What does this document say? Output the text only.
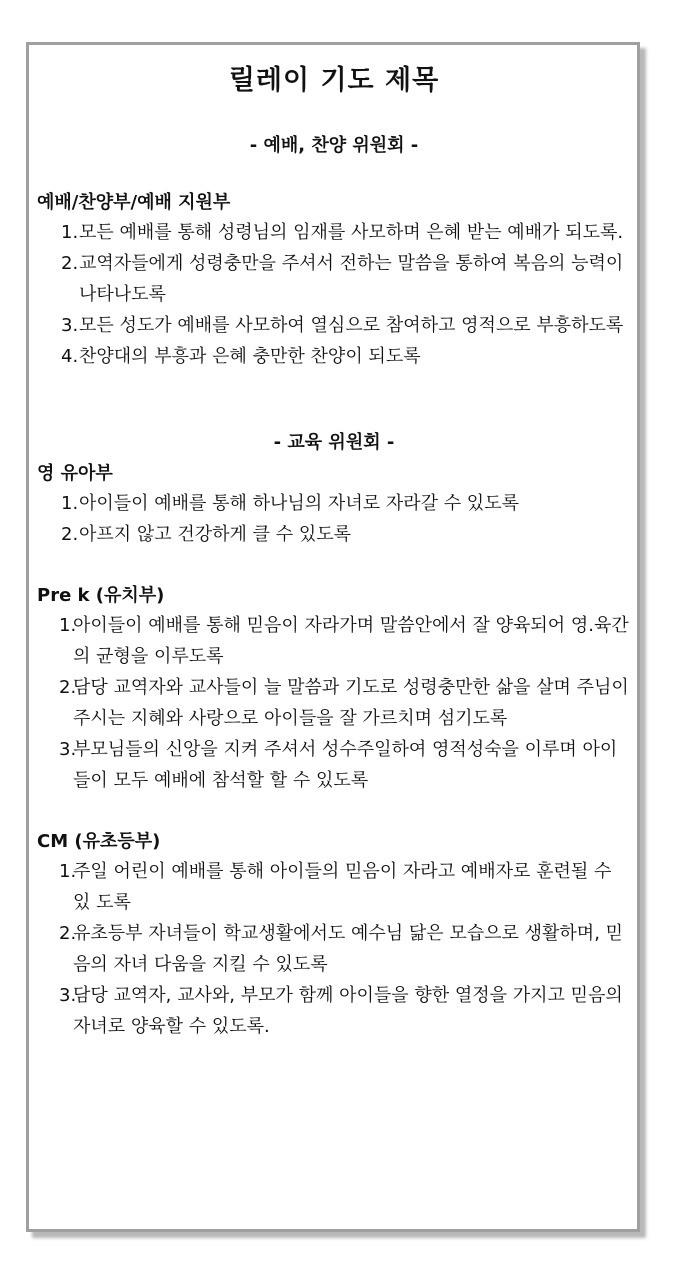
릴레이 기도 제목
- 예배, 찬양 위원회 -
예배/찬양부/예배 지원부
1. 모든 예배를 통해 성령님의 임재를 사모하며 은혜 받는 예배가 되도록.
2. 교역자들에게 성령충만을 주셔서 전하는 말씀을 통하여 복음의 능력이 나타나도록
3. 모든 성도가 예배를 사모하여 열심으로 참여하고 영적으로 부흥하도록
4. 찬양대의 부흥과 은혜 충만한 찬양이 되도록
- 교육 위원회 -
영 유아부
1. 아이들이 예배를 통해 하나님의 자녀로 자라갈 수 있도록
2. 아프지 않고 건강하게 클 수 있도록
Pre k (유치부)
1.
아이들이 예배를 통해 믿음이 자라가며 말씀안에서 잘 양육되어 영.육간의 균형을 이루도록
2.
담당 교역자와 교사들이 늘 말씀과 기도로 성령충만한 삶을 살며 주님이 주시는 지혜와 사랑으로 아이들을 잘 가르치며 섬기도록
3.
부모님들의 신앙을 지켜 주셔서 성수주일하여 영적성숙을 이루며 아이들이 모두 예배에 참석할 할 수 있도록
CM (유초등부)
1.
주일 어린이 예배를 통해 아이들의 믿음이 자라고 예배자로 훈련될 수 있 도록
2.
유초등부 자녀들이 학교생활에서도 예수님 닮은 모습으로 생활하며, 믿음의 자녀 다움을 지킬 수 있도록
3.
담당 교역자, 교사와, 부모가 함께 아이들을 향한 열정을 가지고 믿음의 자녀로 양육할 수 있도록.
